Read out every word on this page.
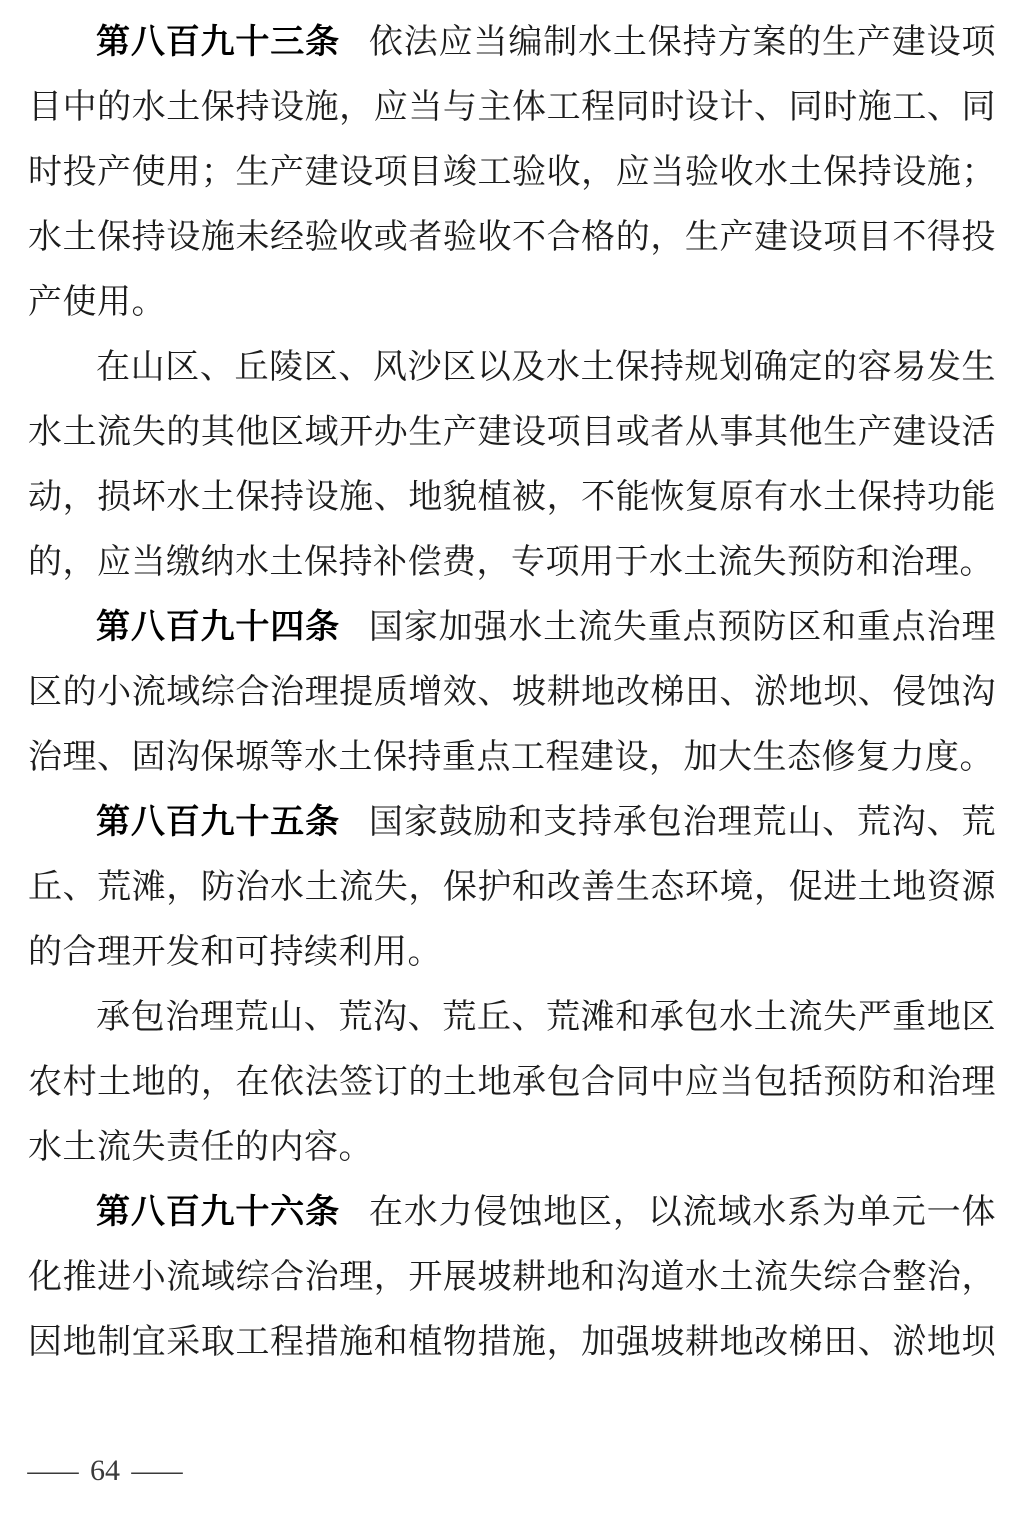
第八百九十三条 依法应当编制水土保持方案的生产建设项目中的水土保持设施，应当与主体工程同时设计、同时施工、同时投产使用；生产建设项目竣工验收，应当验收水土保持设施；水土保持设施未经验收或者验收不合格的，生产建设项目不得投产使用。

在山区、丘陵区、风沙区以及水土保持规划确定的容易发生水土流失的其他区域开办生产建设项目或者从事其他生产建设活动，损坏水土保持设施、地貌植被，不能恢复原有水土保持功能的，应当缴纳水土保持补偿费，专项用于水土流失预防和治理。

第八百九十四条 国家加强水土流失重点预防区和重点治理区的小流域综合治理提质增效、坡耕地改梯田、淤地坝、侵蚀沟治理、固沟保塬等水土保持重点工程建设，加大生态修复力度。

第八百九十五条 国家鼓励和支持承包治理荒山、荒沟、荒丘、荒滩，防治水土流失，保护和改善生态环境，促进土地资源的合理开发和可持续利用。

承包治理荒山、荒沟、荒丘、荒滩和承包水土流失严重地区农村土地的，在依法签订的土地承包合同中应当包括预防和治理水土流失责任的内容。

第八百九十六条 在水力侵蚀地区，以流域水系为单元一体化推进小流域综合治理，开展坡耕地和沟道水土流失综合整治，因地制宜采取工程措施和植物措施，加强坡耕地改梯田、淤地坝

— 64 —
